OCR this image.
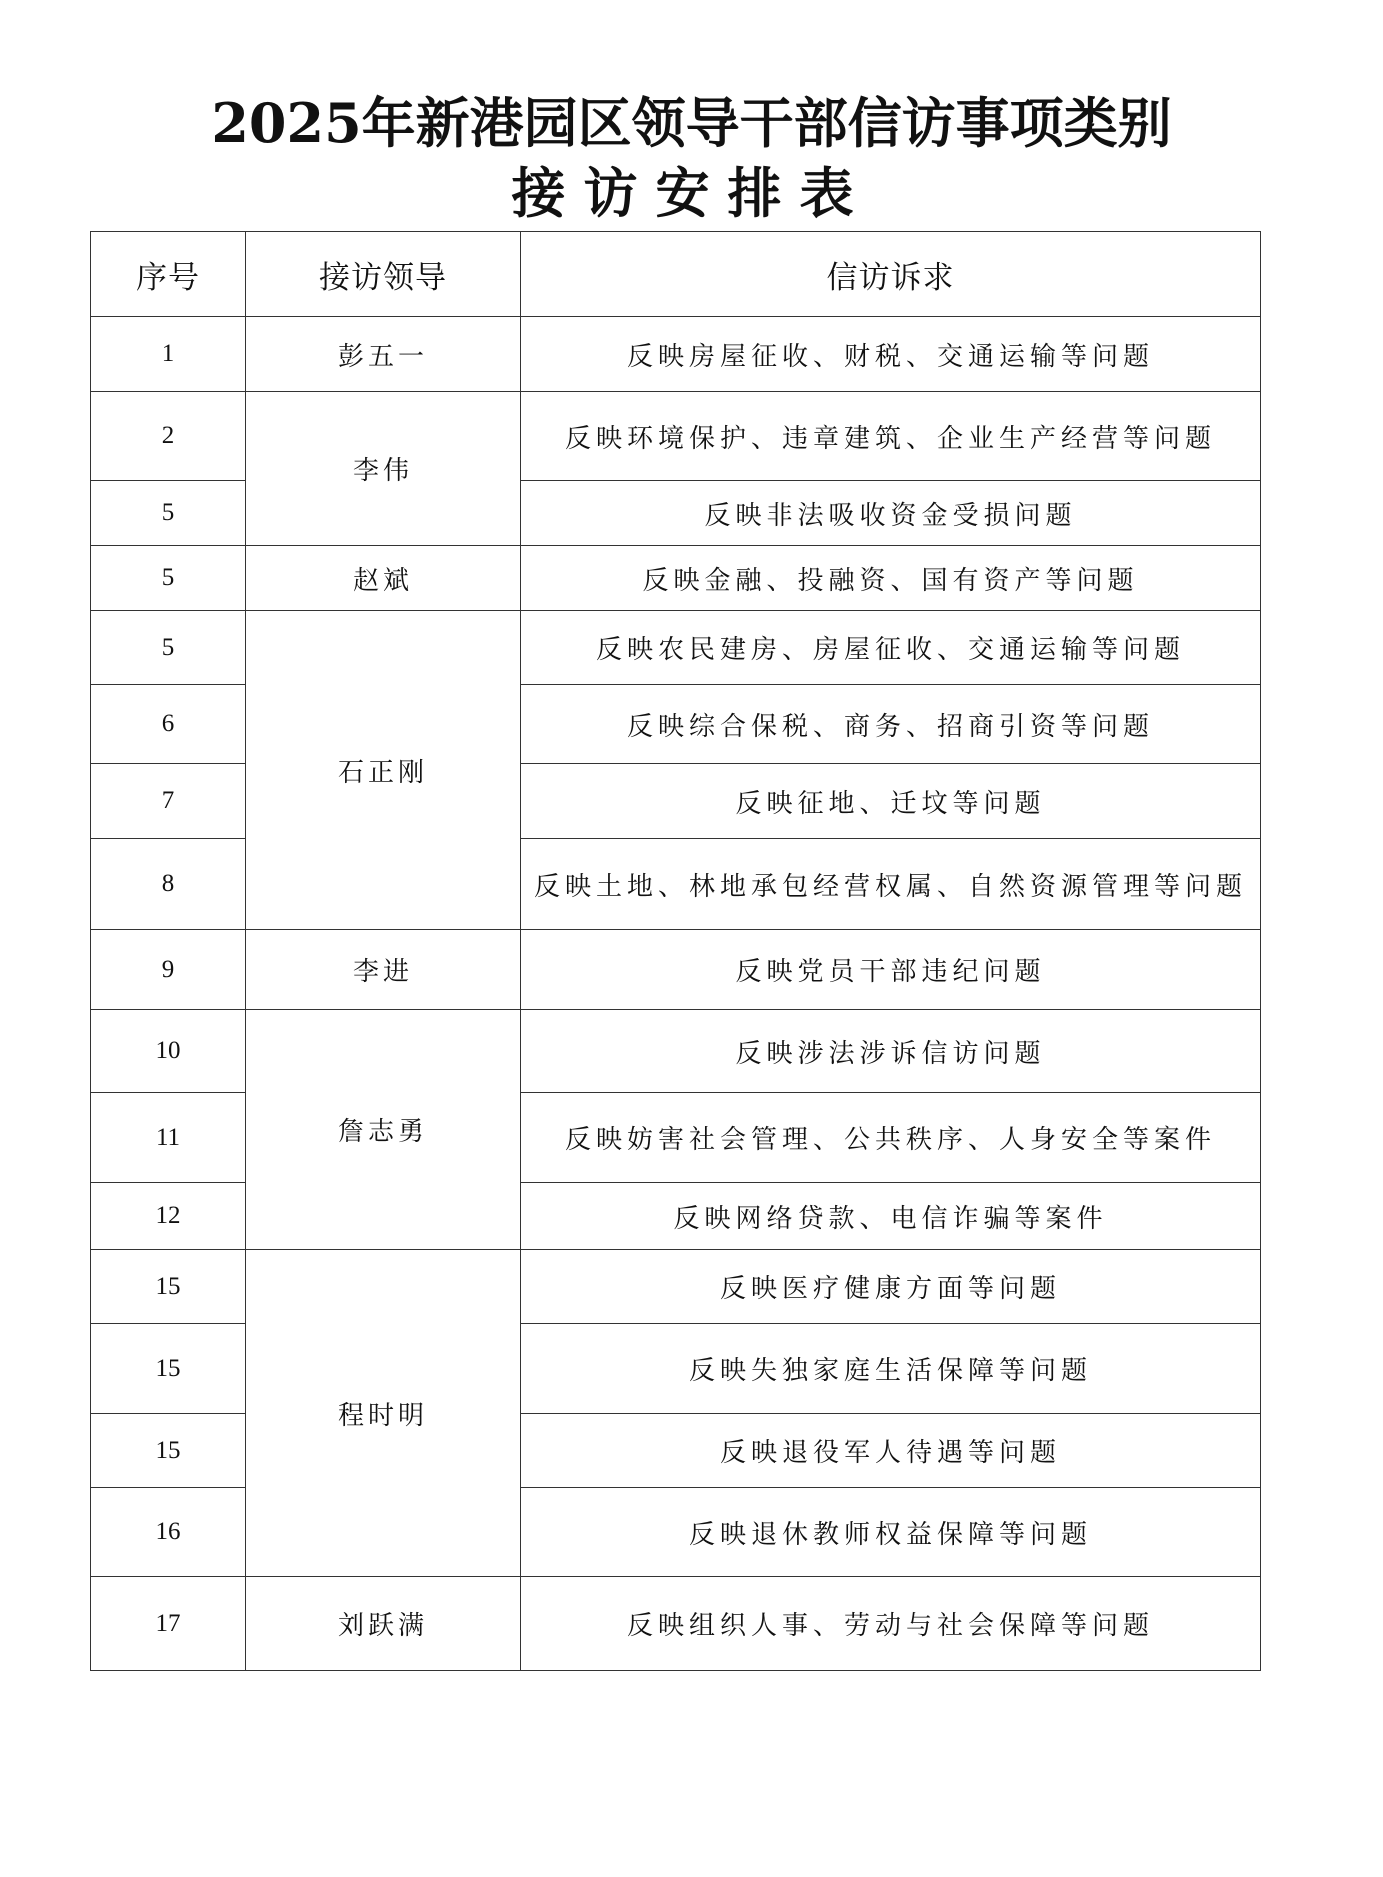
2025年新港园区领导干部信访事项类别
接访安排表
序号	接访领导	信访诉求
1	彭五一	反映房屋征收、财税、交通运输等问题
2	李伟	反映环境保护、违章建筑、企业生产经营等问题
5		反映非法吸收资金受损问题
5	赵斌	反映金融、投融资、国有资产等问题
5	石正刚	反映农民建房、房屋征收、交通运输等问题
6		反映综合保税、商务、招商引资等问题
7		反映征地、迁坟等问题
8		反映土地、林地承包经营权属、自然资源管理等问题
9	李进	反映党员干部违纪问题
10	詹志勇	反映涉法涉诉信访问题
11		反映妨害社会管理、公共秩序、人身安全等案件
12		反映网络贷款、电信诈骗等案件
15	程时明	反映医疗健康方面等问题
15		反映失独家庭生活保障等问题
15		反映退役军人待遇等问题
16		反映退休教师权益保障等问题
17	刘跃满	反映组织人事、劳动与社会保障等问题
